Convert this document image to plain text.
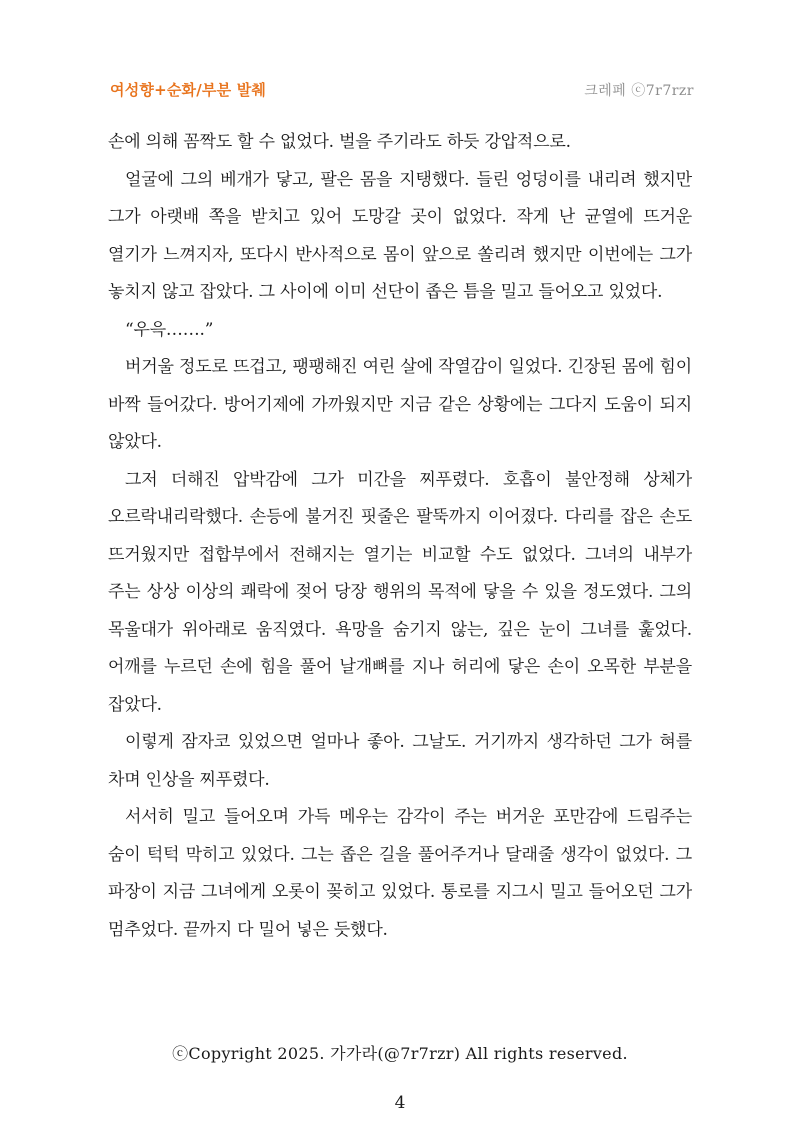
여성향+순화/부분 발췌	크레페 ⓒ7r7rzr

손에 의해 꼼짝도 할 수 없었다. 벌을 주기라도 하듯 강압적으로.

얼굴에 그의 베개가 닿고, 팔은 몸을 지탱했다. 들린 엉덩이를 내리려 했지만 그가 아랫배 쪽을 받치고 있어 도망갈 곳이 없었다. 작게 난 균열에 뜨거운 열기가 느껴지자, 또다시 반사적으로 몸이 앞으로 쏠리려 했지만 이번에는 그가 놓치지 않고 잡았다. 그 사이에 이미 선단이 좁은 틈을 밀고 들어오고 있었다.

“우윽…….”

버거울 정도로 뜨겁고, 팽팽해진 여린 살에 작열감이 일었다. 긴장된 몸에 힘이 바짝 들어갔다. 방어기제에 가까웠지만 지금 같은 상황에는 그다지 도움이 되지 않았다.

그저 더해진 압박감에 그가 미간을 찌푸렸다. 호흡이 불안정해 상체가 오르락내리락했다. 손등에 불거진 핏줄은 팔뚝까지 이어졌다. 다리를 잡은 손도 뜨거웠지만 접합부에서 전해지는 열기는 비교할 수도 없었다. 그녀의 내부가 주는 상상 이상의 쾌락에 젖어 당장 행위의 목적에 닿을 수 있을 정도였다. 그의 목울대가 위아래로 움직였다. 욕망을 숨기지 않는, 깊은 눈이 그녀를 훑었다. 어깨를 누르던 손에 힘을 풀어 날개뼈를 지나 허리에 닿은 손이 오목한 부분을 잡았다.

이렇게 잠자코 있었으면 얼마나 좋아. 그날도. 거기까지 생각하던 그가 혀를 차며 인상을 찌푸렸다.

서서히 밀고 들어오며 가득 메우는 감각이 주는 버거운 포만감에 드림주는 숨이 턱턱 막히고 있었다. 그는 좁은 길을 풀어주거나 달래줄 생각이 없었다. 그 파장이 지금 그녀에게 오롯이 꽂히고 있었다. 통로를 지그시 밀고 들어오던 그가 멈추었다. 끝까지 다 밀어 넣은 듯했다.

ⓒCopyright 2025. 가가라(@7r7rzr) All rights reserved.
4
